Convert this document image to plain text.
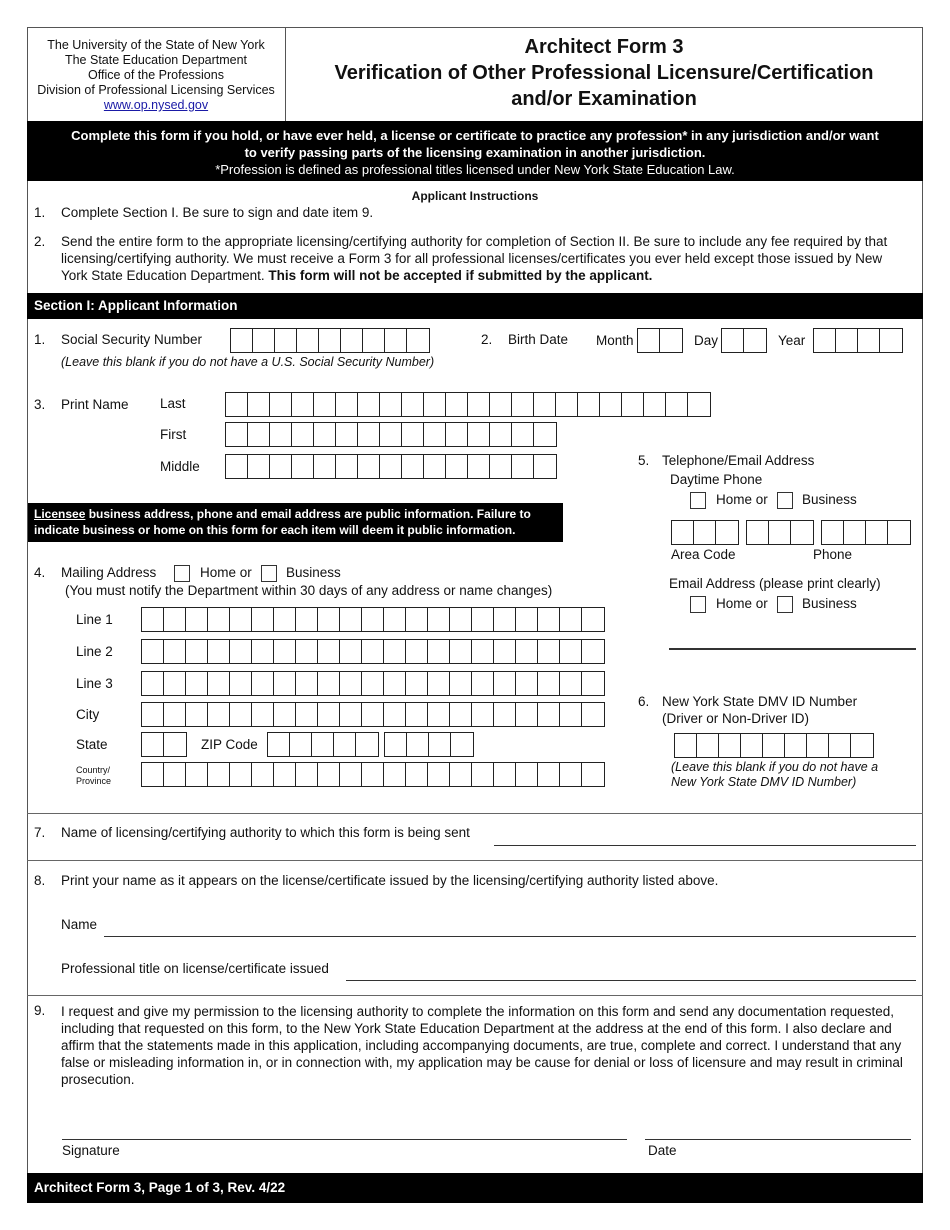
The University of the State of New York
The State Education Department
Office of the Professions
Division of Professional Licensing Services
www.op.nysed.gov
Architect Form 3
Verification of Other Professional Licensure/Certification
and/or Examination
Complete this form if you hold, or have ever held, a license or certificate to practice any profession* in any jurisdiction and/or want
to verify passing parts of the licensing examination in another jurisdiction.
*Profession is defined as professional titles licensed under New York State Education Law.
Applicant Instructions
1. Complete Section I. Be sure to sign and date item 9.
2. Send the entire form to the appropriate licensing/certifying authority for completion of Section II. Be sure to include any fee required by that licensing/certifying authority. We must receive a Form 3 for all professional licenses/certificates you ever held except those issued by New York State Education Department. This form will not be accepted if submitted by the applicant.
Section I: Applicant Information
1. Social Security Number
(Leave this blank if you do not have a U.S. Social Security Number)
2. Birth Date Month	Day	Year
3. Print Name Last
First
Middle
Licensee business address, phone and email address are public information. Failure to
indicate business or home on this form for each item will deem it public information.
5. Telephone/Email Address
Daytime Phone
Home or	Business
Area Code	Phone
Email Address (please print clearly)
Home or	Business
4. Mailing Address	Home or	Business
(You must notify the Department within 30 days of any address or name changes)
Line 1
Line 2
Line 3
City
State	ZIP Code
Country/
Province
6. New York State DMV ID Number
(Driver or Non-Driver ID)
(Leave this blank if you do not have a
New York State DMV ID Number)
7. Name of licensing/certifying authority to which this form is being sent
8. Print your name as it appears on the license/certificate issued by the licensing/certifying authority listed above.
Name
Professional title on license/certificate issued
9. I request and give my permission to the licensing authority to complete the information on this form and send any documentation requested, including that requested on this form, to the New York State Education Department at the address at the end of this form. I also declare and affirm that the statements made in this application, including accompanying documents, are true, complete and correct. I understand that any false or misleading information in, or in connection with, my application may be cause for denial or loss of licensure and may result in criminal prosecution.
Signature	Date
Architect Form 3, Page 1 of 3, Rev. 4/22
